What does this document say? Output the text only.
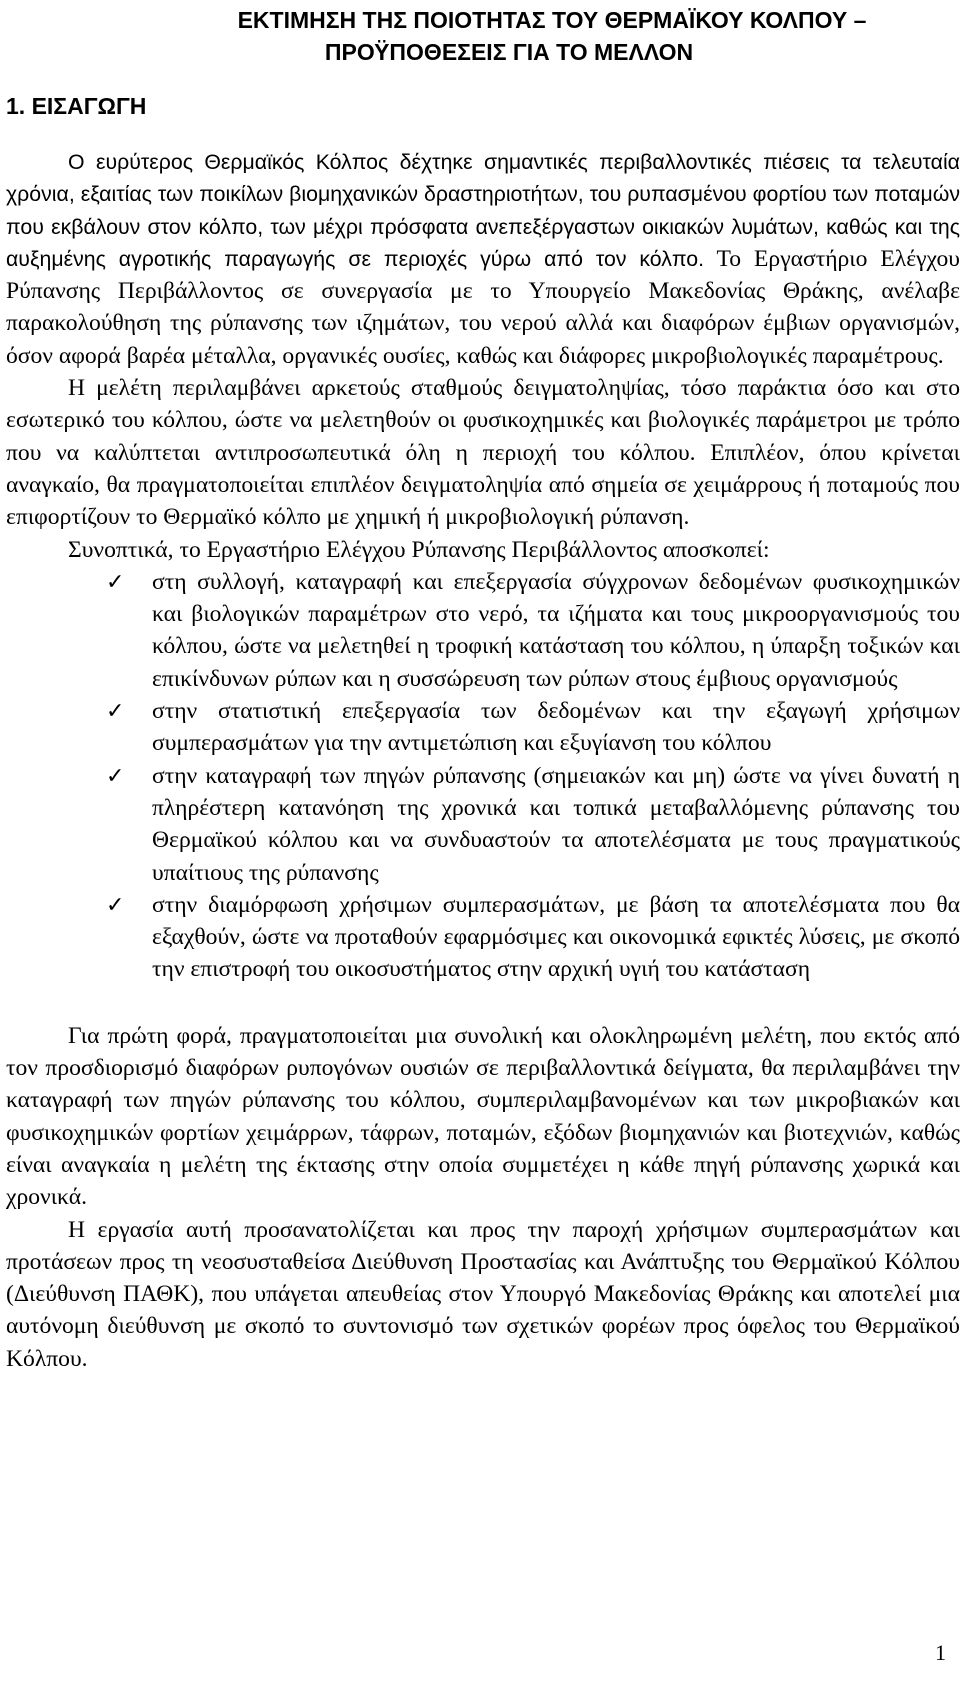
ΕΚΤΙΜΗΣΗ ΤΗΣ ΠΟΙΟΤΗΤΑΣ ΤΟΥ ΘΕΡΜΑΪΚΟΥ ΚΟΛΠΟΥ –
ΠΡΟΫΠΟΘΕΣΕΙΣ ΓΙΑ ΤΟ ΜΕΛΛΟΝ
1. ΕΙΣΑΓΩΓΗ

Ο ευρύτερος Θερμαϊκός Κόλπος δέχτηκε σημαντικές περιβαλλοντικές πιέσεις τα τελευταία χρόνια, εξαιτίας των ποικίλων βιομηχανικών δραστηριοτήτων, του ρυπασμένου φορτίου των ποταμών που εκβάλουν στον κόλπο, των μέχρι πρόσφατα ανεπεξέργαστων οικιακών λυμάτων, καθώς και της αυξημένης αγροτικής παραγωγής σε περιοχές γύρω από τον κόλπο. Το Εργαστήριο Ελέγχου Ρύπανσης Περιβάλλοντος σε συνεργασία με το Υπουργείο Μακεδονίας Θράκης, ανέλαβε παρακολούθηση της ρύπανσης των ιζημάτων, του νερού αλλά και διαφόρων έμβιων οργανισμών, όσον αφορά βαρέα μέταλλα, οργανικές ουσίες, καθώς και διάφορες μικροβιολογικές παραμέτρους.

Η μελέτη περιλαμβάνει αρκετούς σταθμούς δειγματοληψίας, τόσο παράκτια όσο και στο εσωτερικό του κόλπου, ώστε να μελετηθούν οι φυσικοχημικές και βιολογικές παράμετροι με τρόπο που να καλύπτεται αντιπροσωπευτικά όλη η περιοχή του κόλπου. Επιπλέον, όπου κρίνεται αναγκαίο, θα πραγματοποιείται επιπλέον δειγματοληψία από σημεία σε χειμάρρους ή ποταμούς που επιφορτίζουν το Θερμαϊκό κόλπο με χημική ή μικροβιολογική ρύπανση.

Συνοπτικά, το Εργαστήριο Ελέγχου Ρύπανσης Περιβάλλοντος αποσκοπεί:

✓ στη συλλογή, καταγραφή και επεξεργασία σύγχρονων δεδομένων φυσικοχημικών και βιολογικών παραμέτρων στο νερό, τα ιζήματα και τους μικροοργανισμούς του κόλπου, ώστε να μελετηθεί η τροφική κατάσταση του κόλπου, η ύπαρξη τοξικών και επικίνδυνων ρύπων και η συσσώρευση των ρύπων στους έμβιους οργανισμούς
✓ στην στατιστική επεξεργασία των δεδομένων και την εξαγωγή χρήσιμων συμπερασμάτων για την αντιμετώπιση και εξυγίανση του κόλπου
✓ στην καταγραφή των πηγών ρύπανσης (σημειακών και μη) ώστε να γίνει δυνατή η πληρέστερη κατανόηση της χρονικά και τοπικά μεταβαλλόμενης ρύπανσης του Θερμαϊκού κόλπου και να συνδυαστούν τα αποτελέσματα με τους πραγματικούς υπαίτιους της ρύπανσης
✓ στην διαμόρφωση χρήσιμων συμπερασμάτων, με βάση τα αποτελέσματα που θα εξαχθούν, ώστε να προταθούν εφαρμόσιμες και οικονομικά εφικτές λύσεις, με σκοπό την επιστροφή του οικοσυστήματος στην αρχική υγιή του κατάσταση

Για πρώτη φορά, πραγματοποιείται μια συνολική και ολοκληρωμένη μελέτη, που εκτός από τον προσδιορισμό διαφόρων ρυπογόνων ουσιών σε περιβαλλοντικά δείγματα, θα περιλαμβάνει την καταγραφή των πηγών ρύπανσης του κόλπου, συμπεριλαμβανομένων και των μικροβιακών και φυσικοχημικών φορτίων χειμάρρων, τάφρων, ποταμών, εξόδων βιομηχανιών και βιοτεχνιών, καθώς είναι αναγκαία η μελέτη της έκτασης στην οποία συμμετέχει η κάθε πηγή ρύπανσης χωρικά και χρονικά.

Η εργασία αυτή προσανατολίζεται και προς την παροχή χρήσιμων συμπερασμάτων και προτάσεων προς τη νεοσυσταθείσα Διεύθυνση Προστασίας και Ανάπτυξης του Θερμαϊκού Κόλπου (Διεύθυνση ΠΑΘΚ), που υπάγεται απευθείας στον Υπουργό Μακεδονίας Θράκης και αποτελεί μια αυτόνομη διεύθυνση με σκοπό το συντονισμό των σχετικών φορέων προς όφελος του Θερμαϊκού Κόλπου.

1
